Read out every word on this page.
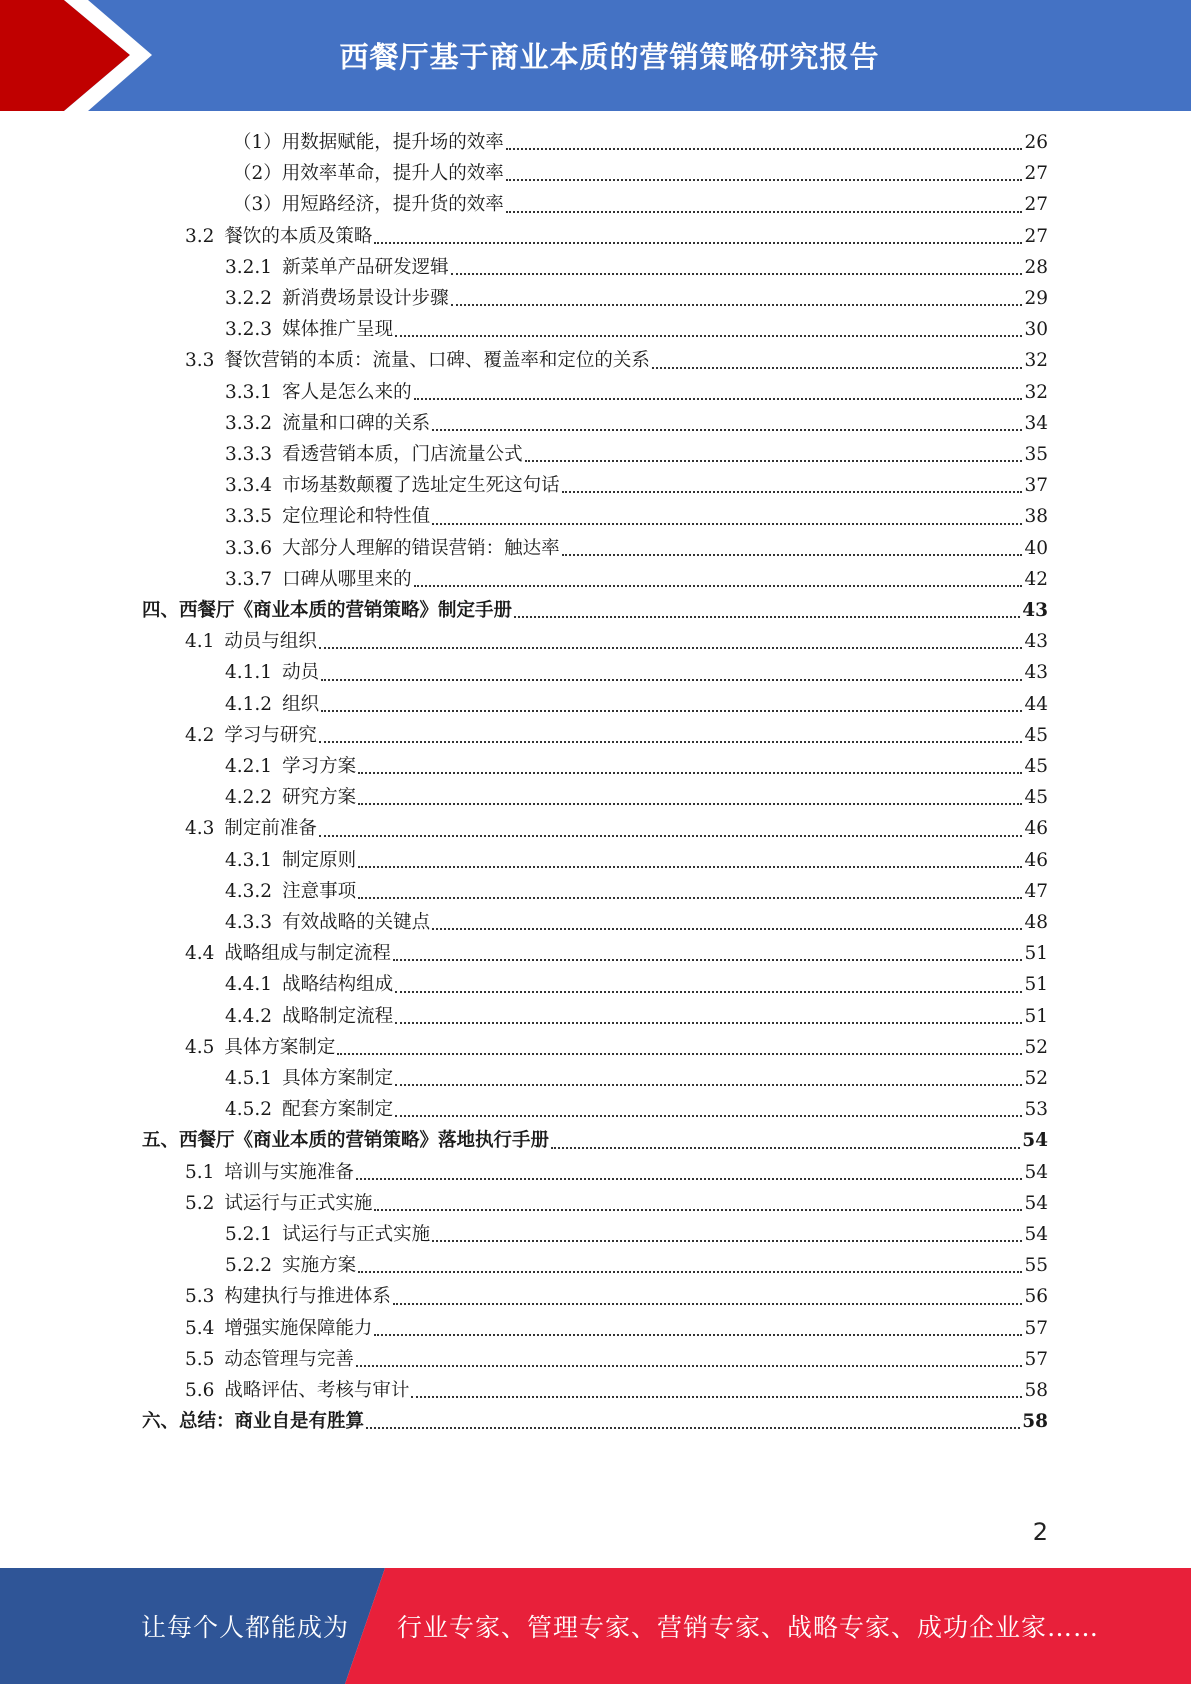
西餐厅基于商业本质的营销策略研究报告
（1） 用数据赋能，提升场的效率	26
（2） 用效率革命，提升人的效率	27
（3） 用短路经济，提升货的效率	27
3.2 餐饮的本质及策略	27
3.2.1 新菜单产品研发逻辑	28
3.2.2 新消费场景设计步骤	29
3.2.3 媒体推广呈现	30
3.3 餐饮营销的本质：流量、口碑、覆盖率和定位的关系	32
3.3.1 客人是怎么来的	32
3.3.2 流量和口碑的关系	34
3.3.3 看透营销本质，门店流量公式	35
3.3.4 市场基数颠覆了选址定生死这句话	37
3.3.5 定位理论和特性值	38
3.3.6 大部分人理解的错误营销：触达率	40
3.3.7 口碑从哪里来的	42
四、 西餐厅《商业本质的营销策略》制定手册	43
4.1 动员与组织	43
4.1.1 动员	43
4.1.2 组织	44
4.2 学习与研究	45
4.2.1 学习方案	45
4.2.2 研究方案	45
4.3 制定前准备	46
4.3.1 制定原则	46
4.3.2 注意事项	47
4.3.3 有效战略的关键点	48
4.4 战略组成与制定流程	51
4.4.1 战略结构组成	51
4.4.2 战略制定流程	51
4.5 具体方案制定	52
4.5.1 具体方案制定	52
4.5.2 配套方案制定	53
五、 西餐厅《商业本质的营销策略》落地执行手册	54
5.1 培训与实施准备	54
5.2 试运行与正式实施	54
5.2.1 试运行与正式实施	54
5.2.2 实施方案	55
5.3 构建执行与推进体系	56
5.4 增强实施保障能力	57
5.5 动态管理与完善	57
5.6 战略评估、考核与审计	58
六、 总结：商业自是有胜算	58
2
让每个人都能成为 行业专家、管理专家、营销专家、战略专家、成功企业家……
